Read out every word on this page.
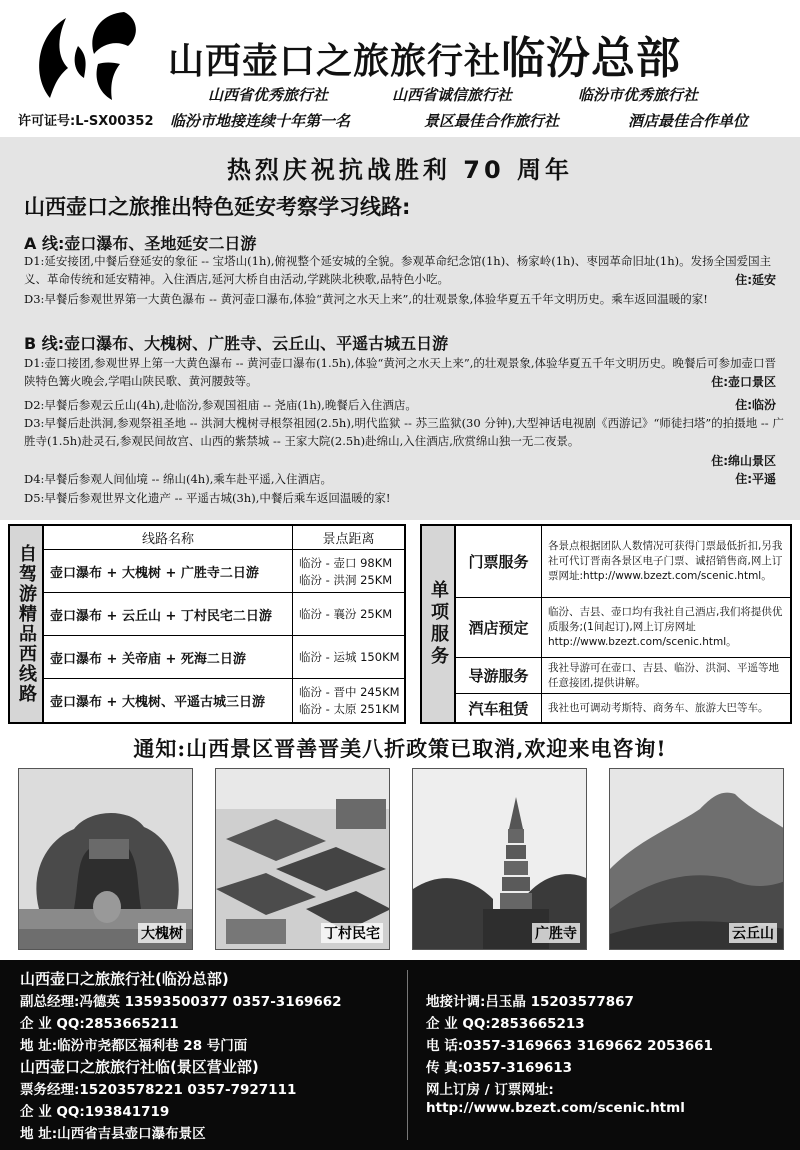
山西壶口之旅旅行社临汾总部
山西省优秀旅行社	山西省诚信旅行社	临汾市优秀旅行社
许可证号:L-SX00352 临汾市地接连续十年第一名	景区最佳合作旅行社	酒店最佳合作单位
热烈庆祝抗战胜利 70 周年
山西壶口之旅推出特色延安考察学习线路:
A 线:壶口瀑布、圣地延安二日游
D1:延安接团,中餐后登延安的象征 -- 宝塔山(1h),俯视整个延安城的全貌。参观革命纪念馆(1h)、杨家岭(1h)、枣园革命旧址(1h)。发扬全国爱国主义、革命传统和延安精神。入住酒店,延河大桥自由活动,学跳陕北秧歌,品特色小吃。	住:延安
D3:早餐后参观世界第一大黄色瀑布 -- 黄河壶口瀑布,体验“黄河之水天上来”,的壮观景象,体验华夏五千年文明历史。乘车返回温暖的家!
B 线:壶口瀑布、大槐树、广胜寺、云丘山、平遥古城五日游
D1:壶口接团,参观世界上第一大黄色瀑布 -- 黄河壶口瀑布(1.5h),体验“黄河之水天上来”,的壮观景象,体验华夏五千年文明历史。晚餐后可参加壶口晋陕特色篝火晚会,学唱山陕民歌、黄河腰鼓等。	住:壶口景区
D2:早餐后参观云丘山(4h),赴临汾,参观国祖庙 -- 尧庙(1h),晚餐后入住酒店。	住:临汾
D3:早餐后赴洪洞,参观祭祖圣地 -- 洪洞大槐树寻根祭祖园(2.5h),明代监狱 -- 苏三监狱(30 分钟),大型神话电视剧《西游记》“师徒扫塔”的拍摄地 -- 广胜寺(1.5h)赴灵石,参观民间故宫、山西的紫禁城 -- 王家大院(2.5h)赴绵山,入住酒店,欣赏绵山独一无二夜景。
住:绵山景区
D4:早餐后参观人间仙境 -- 绵山(4h),乘车赴平遥,入住酒店。	住:平遥
D5:早餐后参观世界文化遗产 -- 平遥古城(3h),中餐后乘车返回温暖的家!
自驾游精品西线路
线路名称	景点距离
壶口瀑布 + 大槐树 + 广胜寺二日游
临汾 - 壶口 98KM
临汾 - 洪洞 25KM
壶口瀑布 + 云丘山 + 丁村民宅二日游 临汾 - 襄汾 25KM
壶口瀑布 + 关帝庙 + 死海二日游	临汾 - 运城 150KM
壶口瀑布 + 大槐树、平遥古城三日游
临汾 - 晋中 245KM
临汾 - 太原 251KM
单项服务
门票服务
各景点根据团队人数情况可获得门票最低折扣,另我社可代订晋南各景区电子门票、诚招销售商,网上订票网址:http://www.bzezt.com/scenic.html。
酒店预定
临汾、吉县、壶口均有我社自己酒店,我们将提供优质服务;(1间起订),网上订房网址 http://www.bzezt.com/scenic.html。
导游服务	我社导游可在壶口、吉县、临汾、洪洞、平遥等地任意接团,提供讲解。
汽车租赁	我社也可调动考斯特、商务车、旅游大巴等车。
通知:山西景区晋善晋美八折政策已取消,欢迎来电咨询!
大槐树	丁村民宅	广胜寺	云丘山
山西壶口之旅旅行社(临汾总部)
副总经理:冯德英 13593500377 0357-3169662
企 业 QQ:2853665211
地 址:临汾市尧都区福利巷 28 号门面
山西壶口之旅旅行社临(景区营业部)
票务经理:15203578221 0357-7927111
企 业 QQ:193841719
地 址:山西省吉县壶口瀑布景区
地接计调:吕玉晶 15203577867
企 业 QQ:2853665213
电 话:0357-3169663 3169662 2053661
传 真:0357-3169613
网上订房 / 订票网址:
http://www.bzezt.com/scenic.html
